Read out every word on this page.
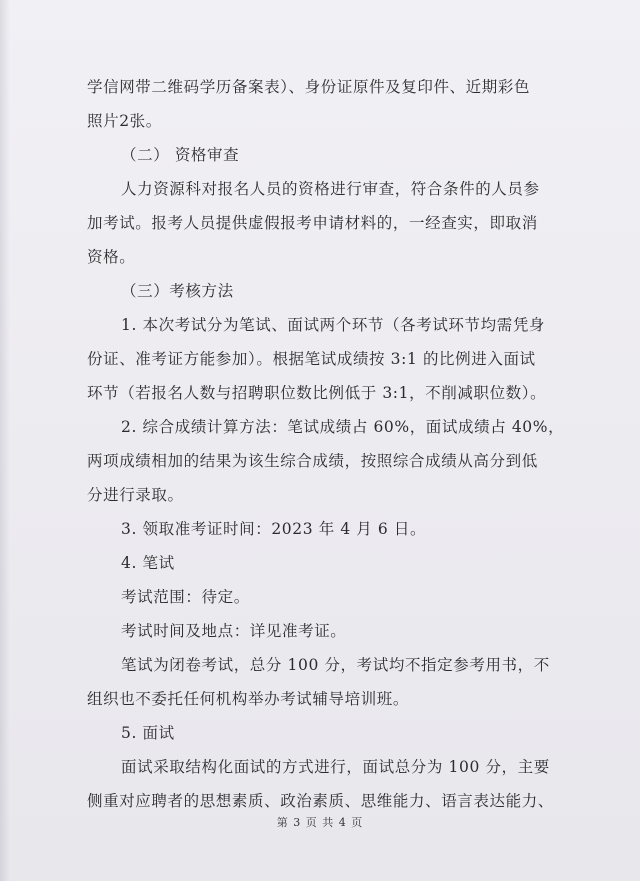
学信网带二维码学历备案表）、身份证原件及复印件、近期彩色
照片2张。
（二） 资格审查
人力资源科对报名人员的资格进行审查，符合条件的人员参
加考试。报考人员提供虚假报考申请材料的，一经查实，即取消
资格。
（三）考核方法
1. 本次考试分为笔试、面试两个环节（各考试环节均需凭身
份证、准考证方能参加）。根据笔试成绩按 3:1 的比例进入面试
环节（若报名人数与招聘职位数比例低于 3:1，不削减职位数）。
2. 综合成绩计算方法：笔试成绩占 60%，面试成绩占 40%，
两项成绩相加的结果为该生综合成绩，按照综合成绩从高分到低
分进行录取。
3. 领取准考证时间：2023 年 4 月 6 日。
4. 笔试
考试范围：待定。
考试时间及地点：详见准考证。
笔试为闭卷考试，总分 100 分，考试均不指定参考用书，不
组织也不委托任何机构举办考试辅导培训班。
5. 面试
面试采取结构化面试的方式进行，面试总分为 100 分，主要
侧重对应聘者的思想素质、政治素质、思维能力、语言表达能力、
第 3 页 共 4 页
